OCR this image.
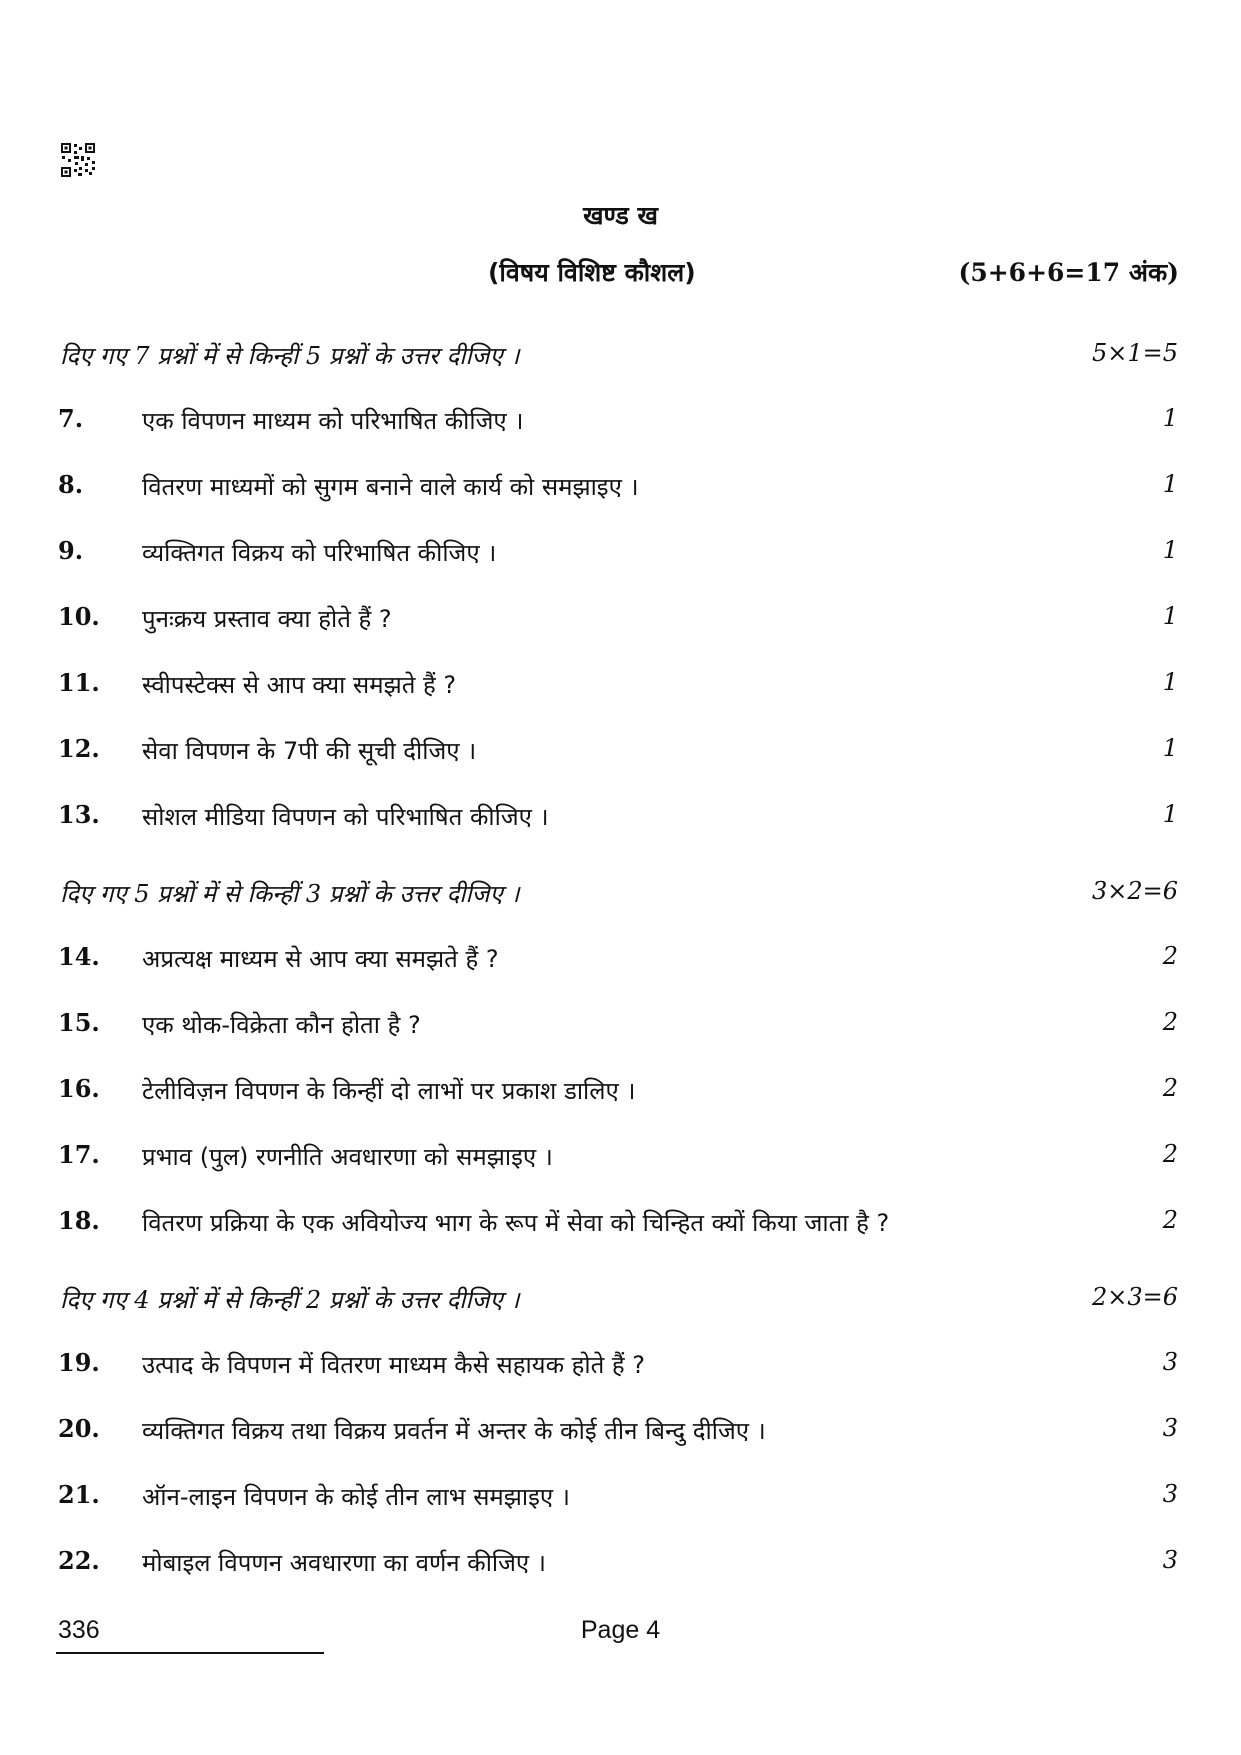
खण्ड ख
(विषय विशिष्ट कौशल)	(5+6+6=17 अंक)
दिए गए 7 प्रश्नों में से किन्हीं 5 प्रश्नों के उत्तर दीजिए ।	5×1=5
7. एक विपणन माध्यम को परिभाषित कीजिए ।	1
8. वितरण माध्यमों को सुगम बनाने वाले कार्य को समझाइए ।	1
9. व्यक्तिगत विक्रय को परिभाषित कीजिए ।	1
10. पुनःक्रय प्रस्ताव क्या होते हैं ?	1
11. स्वीपस्टेक्स से आप क्या समझते हैं ?	1
12. सेवा विपणन के 7पी की सूची दीजिए ।	1
13. सोशल मीडिया विपणन को परिभाषित कीजिए ।	1
दिए गए 5 प्रश्नों में से किन्हीं 3 प्रश्नों के उत्तर दीजिए ।	3×2=6
14. अप्रत्यक्ष माध्यम से आप क्या समझते हैं ?	2
15. एक थोक-विक्रेता कौन होता है ?	2
16. टेलीविज़न विपणन के किन्हीं दो लाभों पर प्रकाश डालिए ।	2
17. प्रभाव (पुल) रणनीति अवधारणा को समझाइए ।	2
18. वितरण प्रक्रिया के एक अवियोज्य भाग के रूप में सेवा को चिन्हित क्यों किया जाता है ?	2
दिए गए 4 प्रश्नों में से किन्हीं 2 प्रश्नों के उत्तर दीजिए ।	2×3=6
19. उत्पाद के विपणन में वितरण माध्यम कैसे सहायक होते हैं ?	3
20. व्यक्तिगत विक्रय तथा विक्रय प्रवर्तन में अन्तर के कोई तीन बिन्दु दीजिए ।	3
21. ऑन-लाइन विपणन के कोई तीन लाभ समझाइए ।	3
22. मोबाइल विपणन अवधारणा का वर्णन कीजिए ।	3
336	Page 4
